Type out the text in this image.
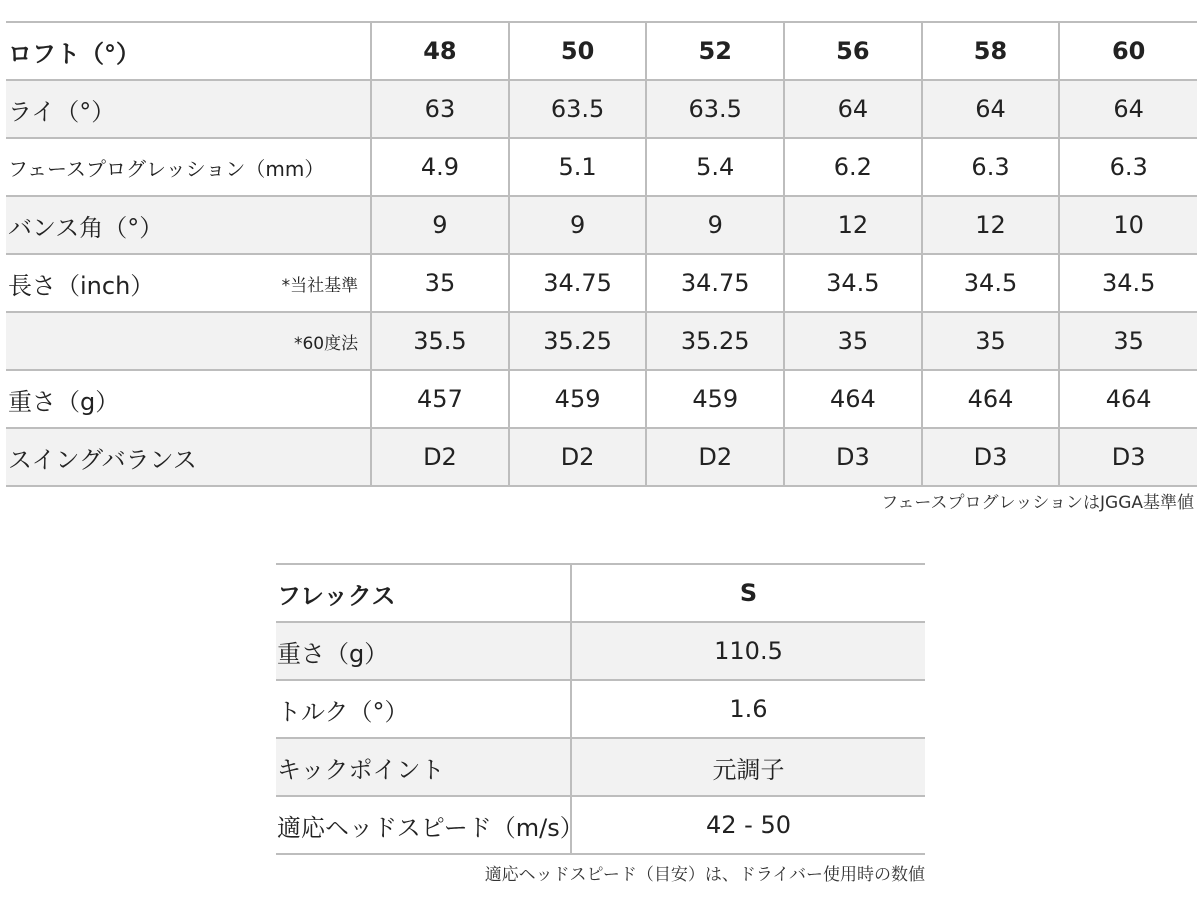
ロフト（°）	48	50	52	56	58	60
ライ（°）	63	63.5	63.5	64	64	64
フェースプログレッション（mm）	4.9	5.1	5.4	6.2	6.3	6.3
バンス角（°）	9	9	9	12	12	10

長さ（inch） *当社基準	35	34.75	34.75	34.5	34.5	34.5

*60度法	35.5	35.25	35.25	35	35	35
重さ（g）	457	459	459	464	464	464
スイングバランス	D2	D2	D2	D3	D3	D3
フェースプログレッションはJGGA基準値
フレックス	S
重さ（g）	110.5
トルク（°）	1.6
キックポイント	元調子
適応ヘッドスピード（m/s）	42 - 50
適応ヘッドスピード（目安）は、ドライバー使用時の数値
